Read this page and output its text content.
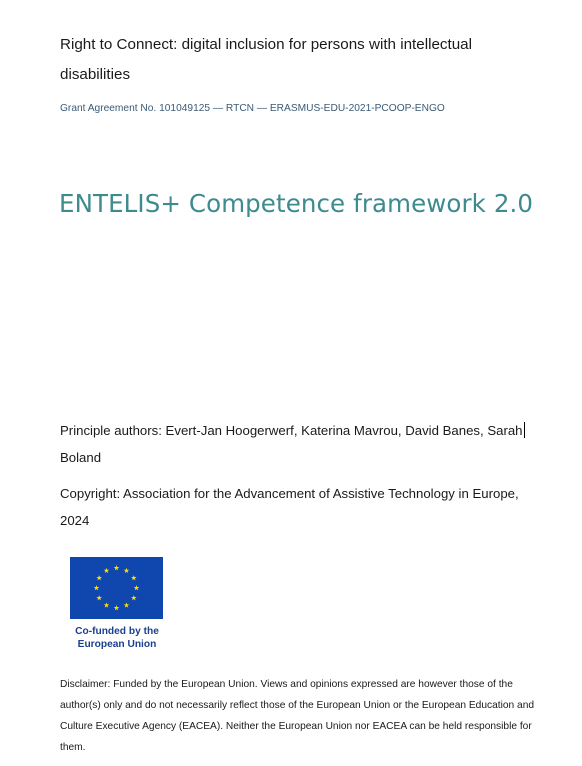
Right to Connect: digital inclusion for persons with intellectual disabilities
Grant Agreement No. 101049125 — RTCN — ERASMUS-EDU-2021-PCOOP-ENGO
ENTELIS+ Competence framework 2.0
Principle authors: Evert-Jan Hoogerwerf, Katerina Mavrou, David Banes, Sarah Boland
Copyright: Association for the Advancement of Assistive Technology in Europe, 2024
Co-funded by the
European Union
Disclaimer: Funded by the European Union. Views and opinions expressed are however those of the author(s) only and do not necessarily reflect those of the European Union or the European Education and Culture Executive Agency (EACEA). Neither the European Union nor EACEA can be held responsible for them.
